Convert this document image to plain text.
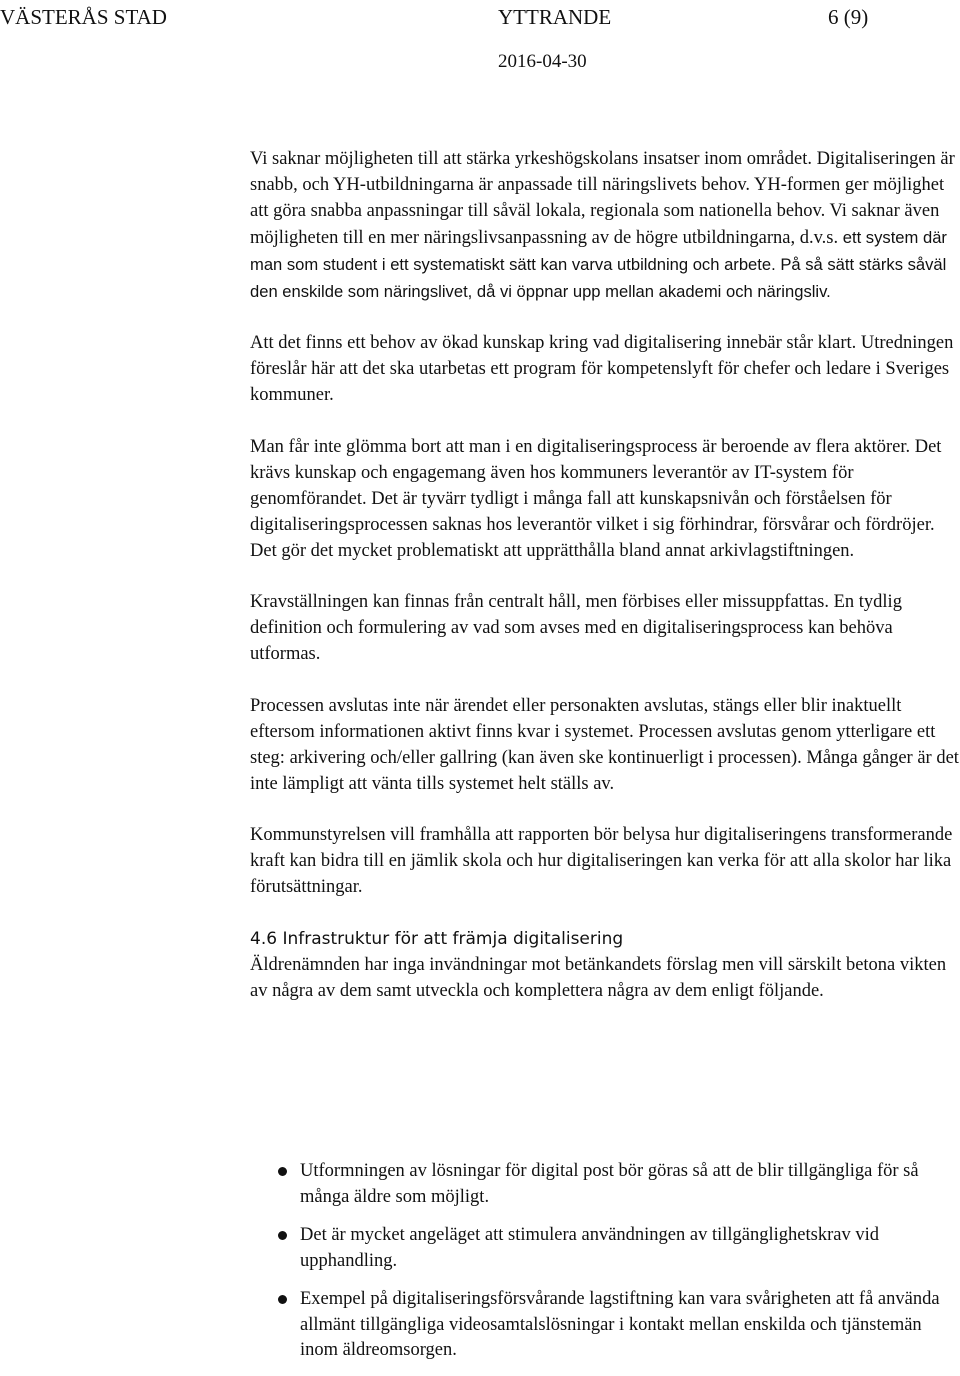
VÄSTERÅS STAD	YTTRANDE	6 (9)
2016-04-30

Vi saknar möjligheten till att stärka yrkeshögskolans insatser inom området. Digitaliseringen är snabb, och YH-utbildningarna är anpassade till näringslivets behov. YH-formen ger möjlighet att göra snabba anpassningar till såväl lokala, regionala som nationella behov. Vi saknar även möjligheten till en mer näringslivsanpassning av de högre utbildningarna, d.v.s. ett system där man som student i ett systematiskt sätt kan varva utbildning och arbete. På så sätt stärks såväl den enskilde som näringslivet, då vi öppnar upp mellan akademi och näringsliv.

Att det finns ett behov av ökad kunskap kring vad digitalisering innebär står klart. Utredningen föreslår här att det ska utarbetas ett program för kompetenslyft för chefer och ledare i Sveriges kommuner.

Man får inte glömma bort att man i en digitaliseringsprocess är beroende av flera aktörer. Det krävs kunskap och engagemang även hos kommuners leverantör av IT-system för genomförandet. Det är tyvärr tydligt i många fall att kunskapsnivån och förståelsen för digitaliseringsprocessen saknas hos leverantör vilket i sig förhindrar, försvårar och fördröjer. Det gör det mycket problematiskt att upprätthålla bland annat arkivlagstiftningen.

Kravställningen kan finnas från centralt håll, men förbises eller missuppfattas. En tydlig definition och formulering av vad som avses med en digitaliseringsprocess kan behöva utformas.

Processen avslutas inte när ärendet eller personakten avslutas, stängs eller blir inaktuellt eftersom informationen aktivt finns kvar i systemet. Processen avslutas genom ytterligare ett steg: arkivering och/eller gallring (kan även ske kontinuerligt i processen). Många gånger är det inte lämpligt att vänta tills systemet helt ställs av.

Kommunstyrelsen vill framhålla att rapporten bör belysa hur digitaliseringens transformerande kraft kan bidra till en jämlik skola och hur digitaliseringen kan verka för att alla skolor har lika förutsättningar.

4.6 Infrastruktur för att främja digitalisering

Äldrenämnden har inga invändningar mot betänkandets förslag men vill särskilt betona vikten av några av dem samt utveckla och komplettera några av dem enligt följande.

Utformningen av lösningar för digital post bör göras så att de blir tillgängliga för så många äldre som möjligt.
Det är mycket angeläget att stimulera användningen av tillgänglighetskrav vid upphandling.
Exempel på digitaliseringsförsvårande lagstiftning kan vara svårigheten att få använda allmänt tillgängliga videosamtalslösningar i kontakt mellan enskilda och tjänstemän inom äldreomsorgen.
